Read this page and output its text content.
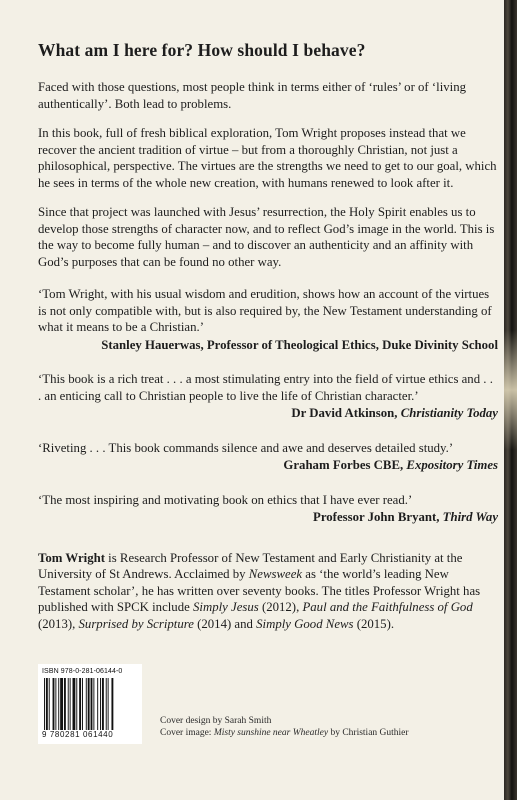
What am I here for? How should I behave?

Faced with those questions, most people think in terms either of ‘rules’ or of ‘living authentically’. Both lead to problems.

In this book, full of fresh biblical exploration, Tom Wright proposes instead that we recover the ancient tradition of virtue – but from a thoroughly Christian, not just a philosophical, perspective. The virtues are the strengths we need to get to our goal, which he sees in terms of the whole new creation, with humans renewed to look after it.

Since that project was launched with Jesus’ resurrection, the Holy Spirit enables us to develop those strengths of character now, and to reflect God’s image in the world. This is the way to become fully human – and to discover an authenticity and an affinity with God’s purposes that can be found no other way.

‘Tom Wright, with his usual wisdom and erudition, shows how an account of the virtues is not only compatible with, but is also required by, the New Testament understanding of what it means to be a Christian.’

Stanley Hauerwas, Professor of Theological Ethics, Duke Divinity School

‘This book is a rich treat . . . a most stimulating entry into the field of virtue ethics and . . . an enticing call to Christian people to live the life of Christian character.’

Dr David Atkinson, Christianity Today

‘Riveting . . . This book commands silence and awe and deserves detailed study.’

Graham Forbes CBE, Expository Times

‘The most inspiring and motivating book on ethics that I have ever read.’

Professor John Bryant, Third Way

Tom Wright is Research Professor of New Testament and Early Christianity at the University of St Andrews. Acclaimed by Newsweek as ‘the world’s leading New Testament scholar’, he has written over seventy books. The titles Professor Wright has published with SPCK include Simply Jesus (2012), Paul and the Faithfulness of God (2013), Surprised by Scripture (2014) and Simply Good News (2015).

ISBN 978-0-281-06144-0
9 780281 061440
Cover design by Sarah Smith
Cover image: Misty sunshine near Wheatley by Christian Guthier
